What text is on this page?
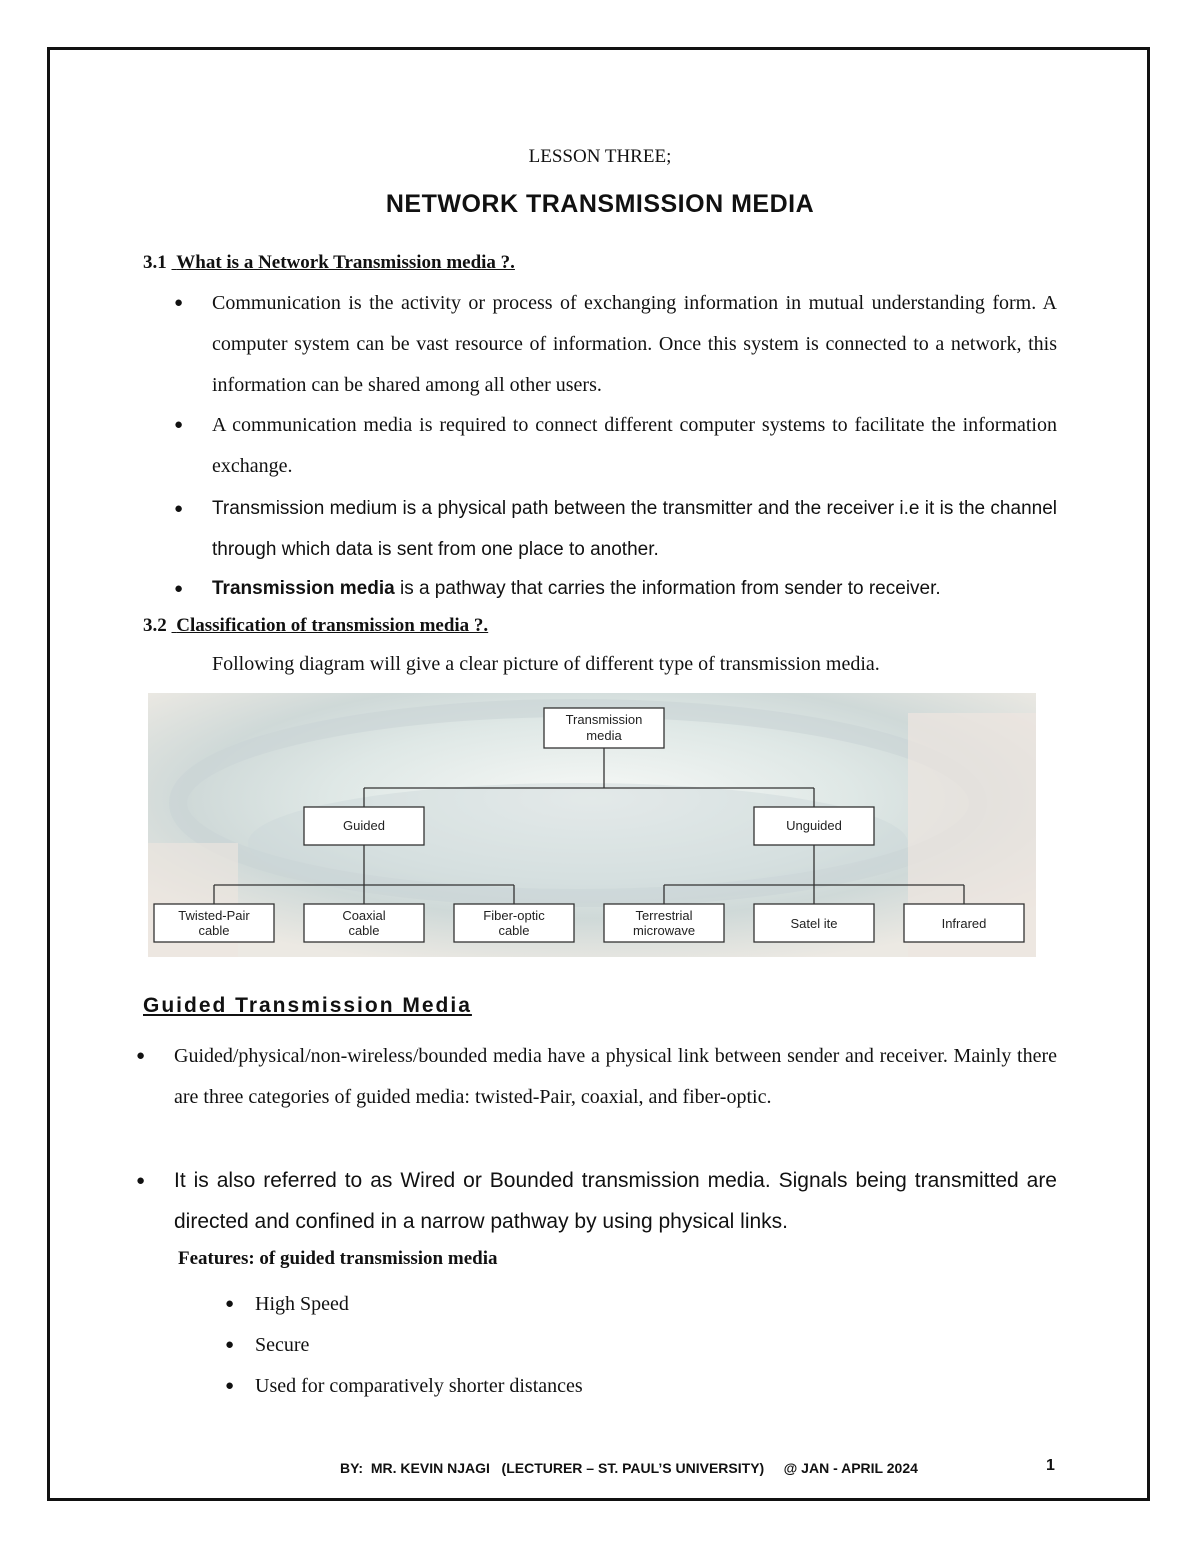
LESSON THREE;
NETWORK TRANSMISSION MEDIA
3.1 What is a Network Transmission media ?.
● Communication is the activity or process of exchanging information in mutual understanding form. A computer system can be vast resource of information. Once this system is connected to a network, this information can be shared among all other users.
● A communication media is required to connect different computer systems to facilitate the information exchange.
● Transmission medium is a physical path between the transmitter and the receiver i.e it is the channel through which data is sent from one place to another.
● Transmission media is a pathway that carries the information from sender to receiver.
3.2 Classification of transmission media ?.
Following diagram will give a clear picture of different type of transmission media.
Transmission
media
Guided	Unguided
Twisted-Pair
cable
Coaxial
cable
Fiber-optic
cable
Terrestrial
microwave	Satel ite	Infrared
Guided Transmission Media
● Guided/physical/non-wireless/bounded media have a physical link between sender and receiver. Mainly there are three categories of guided media: twisted-Pair, coaxial, and fiber-optic.
● It is also referred to as Wired or Bounded transmission media. Signals being transmitted are directed and confined in a narrow pathway by using physical links.
Features: of guided transmission media
● High Speed
● Secure
● Used for comparatively shorter distances
BY:  MR. KEVIN NJAGI   (LECTURER – ST. PAUL’S UNIVERSITY)     @ JAN - APRIL 2024	1
